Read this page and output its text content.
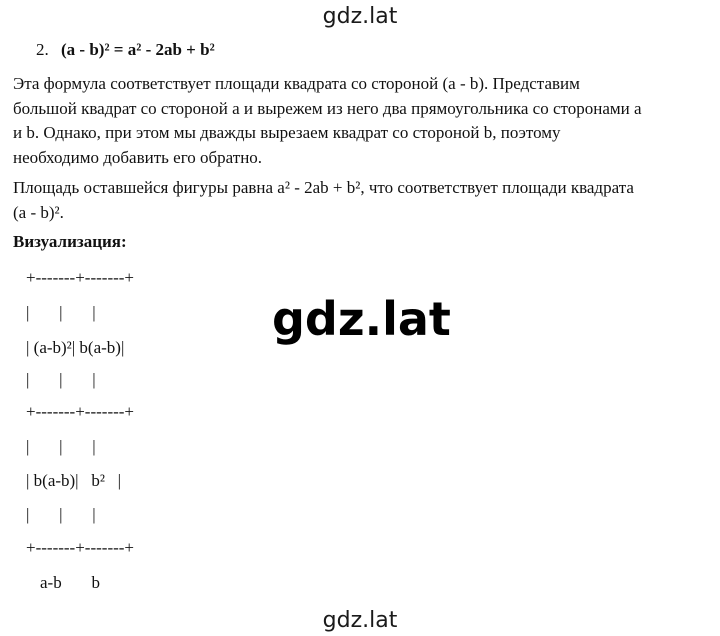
gdz.lat
2. (a - b)² = a² - 2ab + b²
Эта формула соответствует площади квадрата со стороной (a - b). Представим
большой квадрат со стороной a и вырежем из него два прямоугольника со сторонами a
и b. Однако, при этом мы дважды вырезаем квадрат со стороной b, поэтому
необходимо добавить его обратно.
Площадь оставшейся фигуры равна a² - 2ab + b², что соответствует площади квадрата
(a - b)².
Визуализация:
+-------+-------+
|       |       |
| (a-b)²| b(a-b)|
|       |       |
+-------+-------+
|       |       |
| b(a-b)|   b²   |
|       |       |
+-------+-------+
a-b       b
gdz.lat
gdz.lat
